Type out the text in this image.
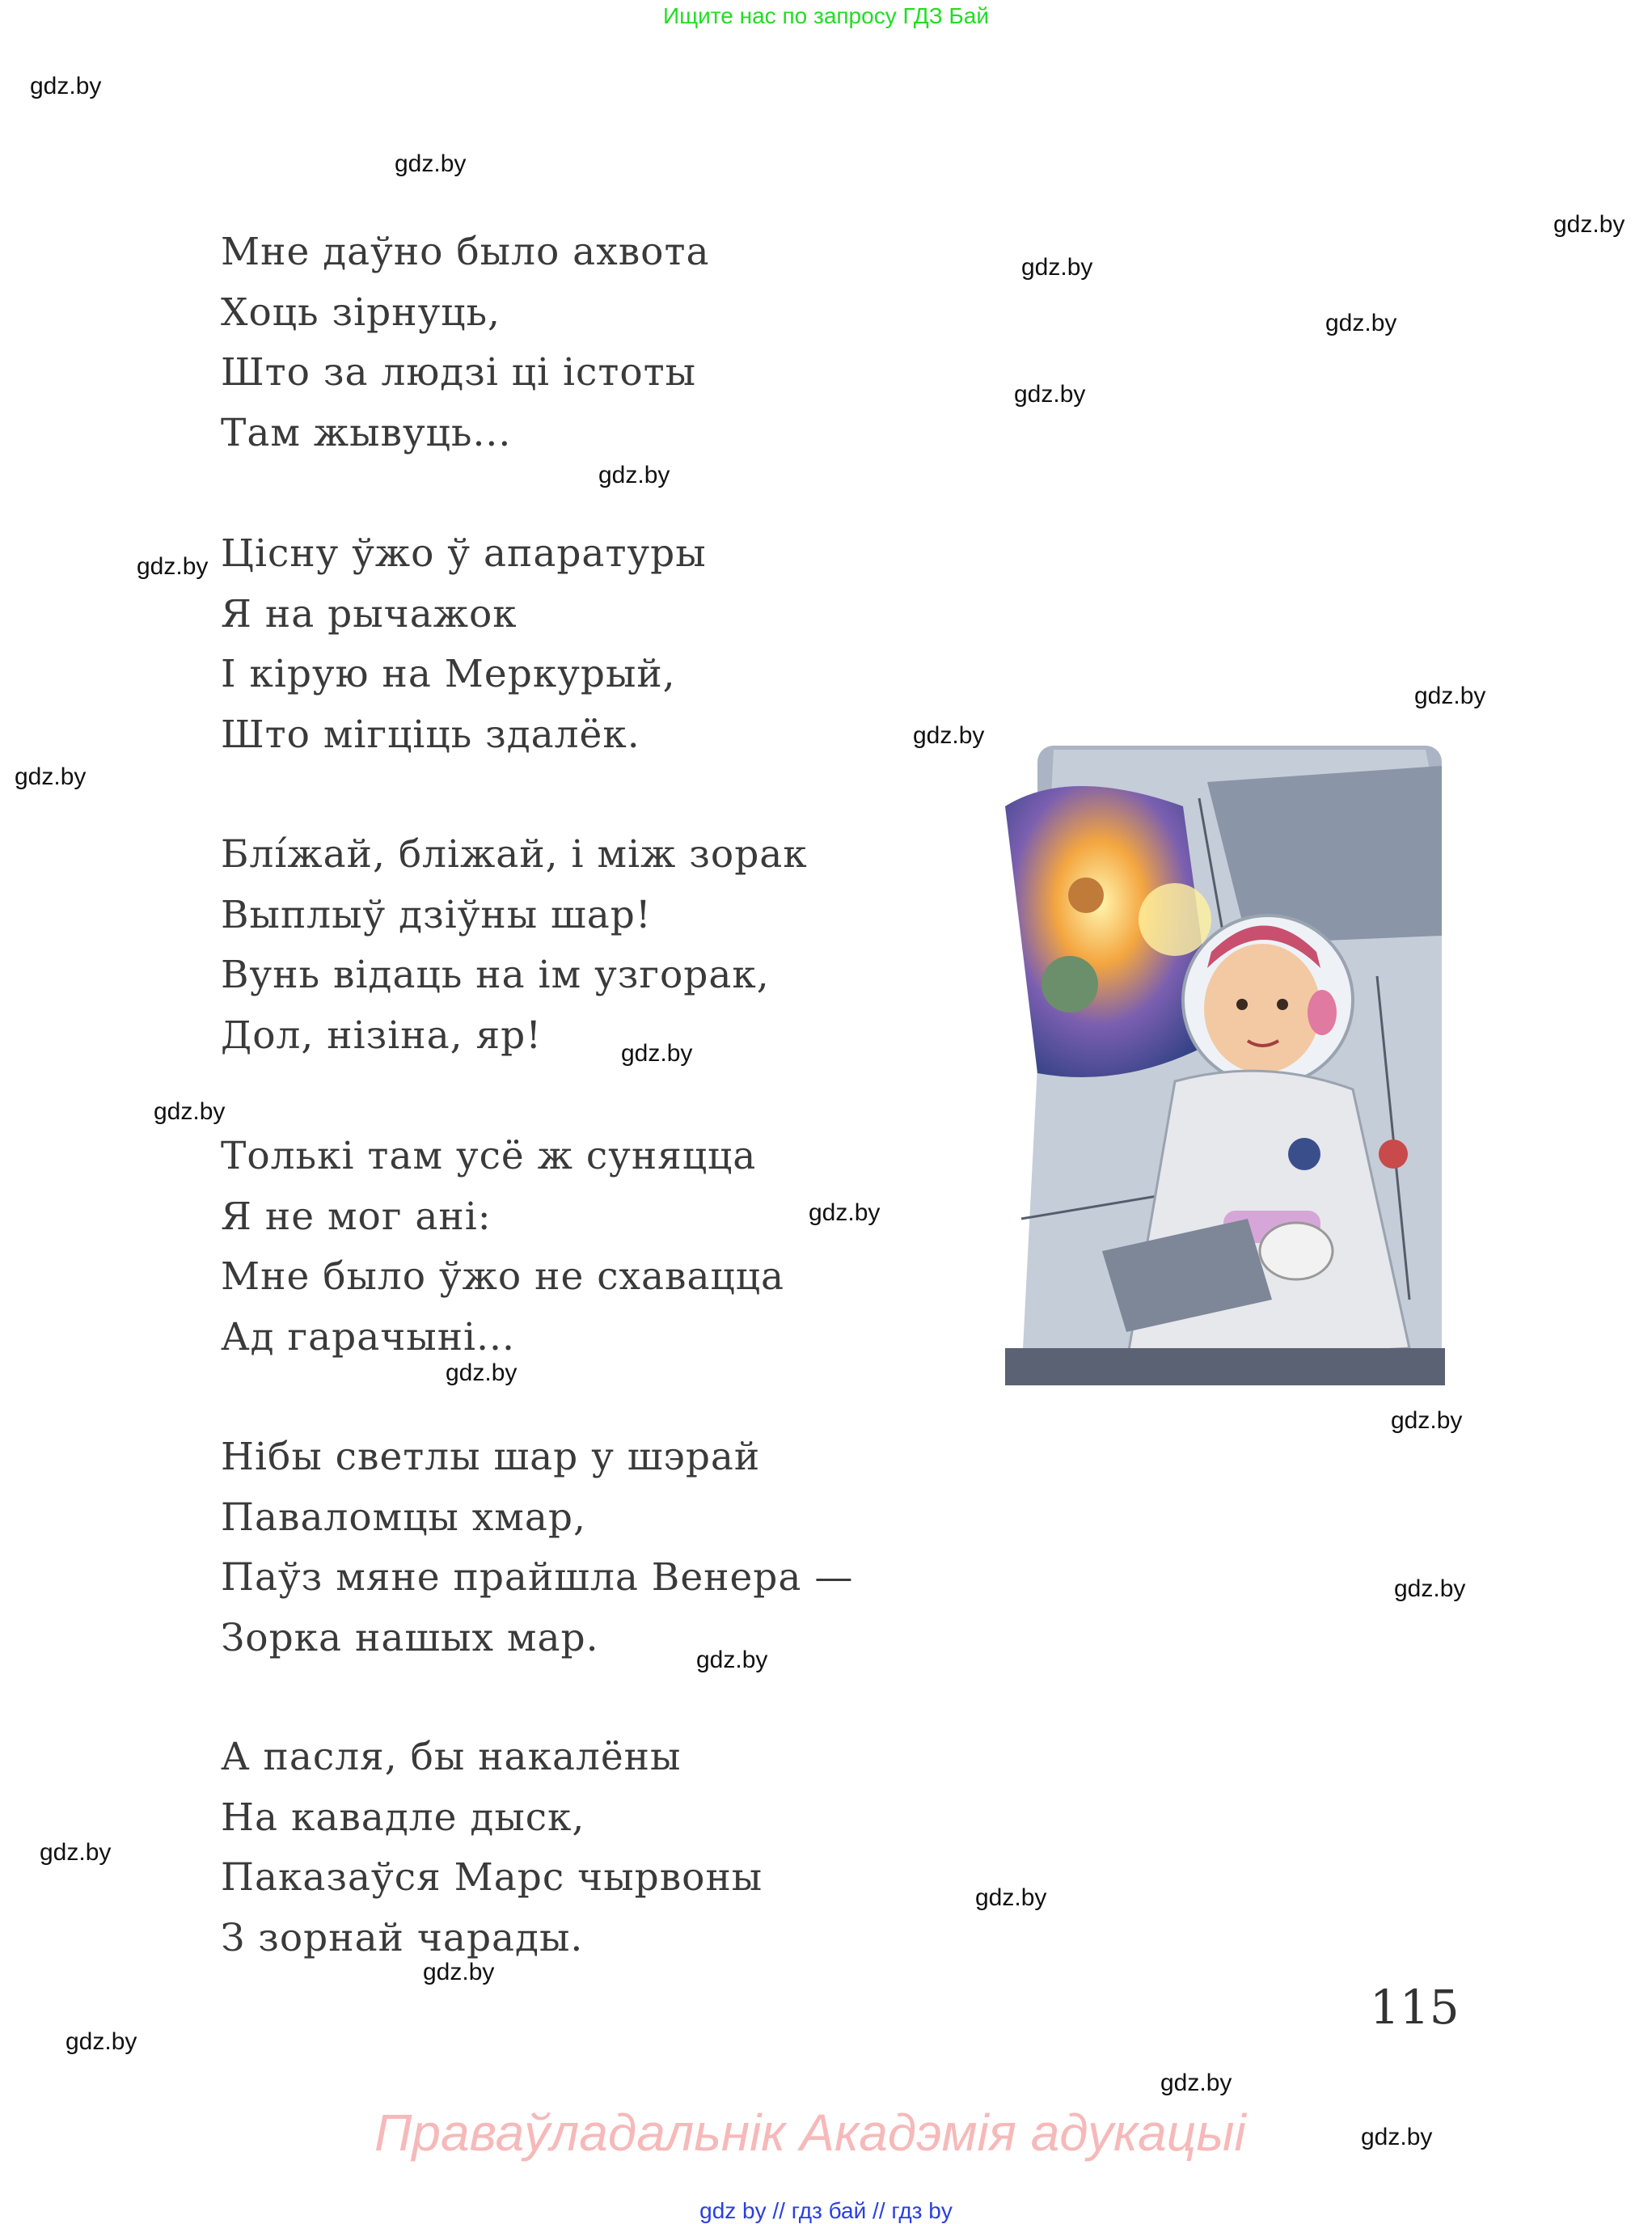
Ищите нас по запросу ГДЗ Бай
Мне даўно было ахвота
Хоць зірнуць,
Што за людзі ці істоты
Там жывуць...
Цісну ўжо ў апаратуры
Я на рычажок
І кірую на Меркурый,
Што мігціць здалёк.
Блі́жай, бліжай, і між зорак
Выплыў дзіўны шар!
Вунь відаць на ім узгорак,
Дол, нізіна, яр!
Толькі там усё ж суняцца
Я не мог ані:
Мне было ўжо не схавацца
Ад гарачыні...
Нібы светлы шар у шэрай
Паваломцы хмар,
Паўз мяне прайшла Венера —
Зорка нашых мар.
А пасля, бы накалёны
На кавадле дыск,
Паказаўся Марс чырвоны
З зорнай чарады.
115
Праваўладальнік Акадэмія адукацыі
gdz by // гдз бай // гдз by
gdz.by
gdz.by
gdz.by
gdz.by
gdz.by
gdz.by
gdz.by
gdz.by
gdz.by
gdz.by
gdz.by
gdz.by
gdz.by
gdz.by
gdz.by
gdz.by
gdz.by
gdz.by
gdz.by
gdz.by
gdz.by
gdz.by
gdz.by
gdz.by
